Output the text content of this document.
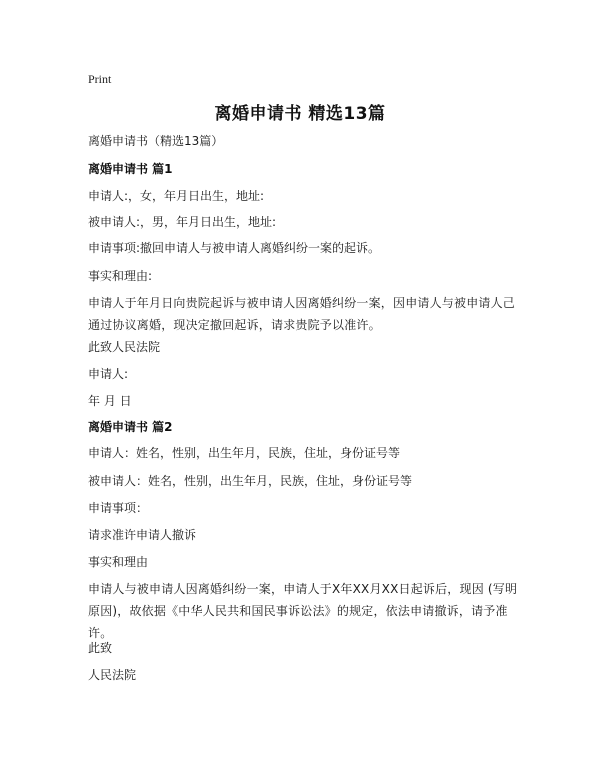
Print
离婚申请书 精选13篇
离婚申请书（精选13篇）
离婚申请书 篇1
申请人:，女，年月日出生，地址:
被申请人:，男，年月日出生，地址:
申请事项:撤回申请人与被申请人离婚纠纷一案的起诉。
事实和理由:
申请人于年月日向贵院起诉与被申请人因离婚纠纷一案，因申请人与被申请人己通过协议离婚，现决定撤回起诉，请求贵院予以准许。
此致人民法院
申请人:
年 月 日
离婚申请书 篇2
申请人：姓名，性别，出生年月，民族，住址，身份证号等
被申请人：姓名，性别，出生年月，民族，住址，身份证号等
申请事项：
请求准许申请人撤诉
事实和理由
申请人与被申请人因离婚纠纷一案，申请人于X年XX月XX日起诉后，现因 (写明原因)，故依据《中华人民共和国民事诉讼法》的规定，依法申请撤诉，请予准许。
此致
人民法院
